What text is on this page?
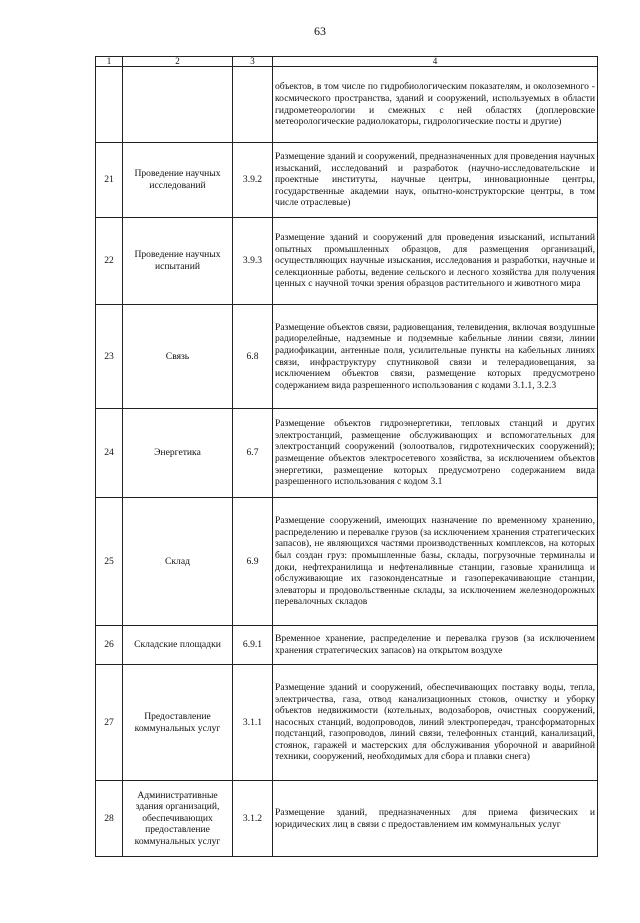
63
1	2	3	4
			объектов, в том числе по гидробиологическим показателям, и околоземного - космического пространства, зданий и сооружений, используемых в области гидрометеорологии и смежных с ней областях (доплеровские метеорологические радиолокаторы, гидрологические посты и другие)
21	Проведение научных исследований	3.9.2	Размещение зданий и сооружений, предназначенных для проведения научных изысканий, исследований и разработок (научно-исследовательские и проектные институты, научные центры, инновационные центры, государственные академии наук, опытно-конструкторские центры, в том числе отраслевые)
22	Проведение научных испытаний	3.9.3	Размещение зданий и сооружений для проведения изысканий, испытаний опытных промышленных образцов, для размещения организаций, осуществляющих научные изыскания, исследования и разработки, научные и селекционные работы, ведение сельского и лесного хозяйства для получения ценных с научной точки зрения образцов растительного и животного мира
23	Связь	6.8	Размещение объектов связи, радиовещания, телевидения, включая воздушные радиорелейные, надземные и подземные кабельные линии связи, линии радиофикации, антенные поля, усилительные пункты на кабельных линиях связи, инфраструктуру спутниковой связи и телерадиовещания, за исключением объектов связи, размещение которых предусмотрено содержанием вида разрешенного использования с кодами 3.1.1, 3.2.3
24	Энергетика	6.7	Размещение объектов гидроэнергетики, тепловых станций и других электростанций, размещение обслуживающих и вспомогательных для электростанций сооружений (золоотвалов, гидротехнических сооружений); размещение объектов электросетевого хозяйства, за исключением объектов энергетики, размещение которых предусмотрено содержанием вида разрешенного использования с кодом 3.1
25	Склад	6.9	Размещение сооружений, имеющих назначение по временному хранению, распределению и перевалке грузов (за исключением хранения стратегических запасов), не являющихся частями производственных комплексов, на которых был создан груз: промышленные базы, склады, погрузочные терминалы и доки, нефтехранилища и нефтеналивные станции, газовые хранилища и обслуживающие их газоконденсатные и газоперекачивающие станции, элеваторы и продовольственные склады, за исключением железнодорожных перевалочных складов
26	Складские площадки	6.9.1	Временное хранение, распределение и перевалка грузов (за исключением хранения стратегических запасов) на открытом воздухе
27	Предоставление коммунальных услуг	3.1.1	Размещение зданий и сооружений, обеспечивающих поставку воды, тепла, электричества, газа, отвод канализационных стоков, очистку и уборку объектов недвижимости (котельных, водозаборов, очистных сооружений, насосных станций, водопроводов, линий электропередач, трансформаторных подстанций, газопроводов, линий связи, телефонных станций, канализаций, стоянок, гаражей и мастерских для обслуживания уборочной и аварийной техники, сооружений, необходимых для сбора и плавки снега)
28	Административные здания организаций, обеспечивающих предоставление коммунальных услуг	3.1.2	Размещение зданий, предназначенных для приема физических и юридических лиц в связи с предоставлением им коммунальных услуг
